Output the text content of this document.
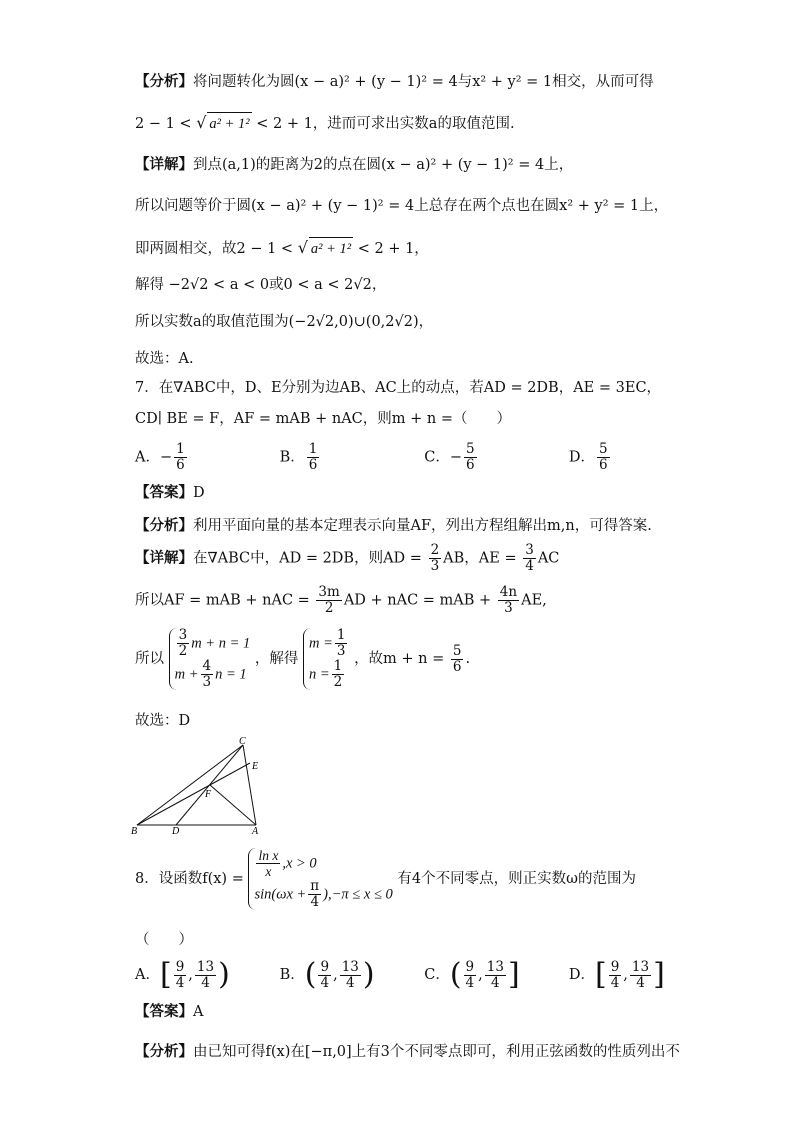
【分析】将问题转化为圆(x − a)² + (y − 1)² = 4与x² + y² = 1相交，从而可得
2 − 1 < √ a² + 1² < 2 + 1，进而可求出实数a的取值范围.
【详解】到点(a,1)的距离为2的点在圆(x − a)² + (y − 1)² = 4上，
所以问题等价于圆(x − a)² + (y − 1)² = 4上总存在两个点也在圆x² + y² = 1上，
即两圆相交，故2 − 1 < √ a² + 1² < 2 + 1，
解得 −2√2 < a < 0或0 < a < 2√2，
所以实数a的取值范围为(−2√2,0)∪(0,2√2)，
故选：A.
7．在∇ABC中，D、E分别为边AB、AC上的动点，若AD = 2DB，AE = 3EC，
CD∣ BE = F，AF = mAB + nAC，则m + n =（　　）
A．− $\frac{1}{6}$	B． $\frac{1}{6}$	C．− $\frac{5}{6}$	D． $\frac{5}{6}$
【答案】D
【分析】利用平面向量的基本定理表示向量AF，列出方程组解出m,n，可得答案.
【详解】在∇ABC中，AD = 2DB，则AD = $\frac{2}{3}$ AB，AE = $\frac{3}{4}$ AC
所以AF = mAB + nAC = $\frac{3m}{2}$ AD + nAC = mAB + $\frac{4n}{3}$ AE,
所以 $\frac{3}{2}$ m + n = 1
$m + \frac{4}{3}$ n = 1
，解得
$m = \frac{1}{3}$
$n = \frac{1}{2}$ ，故$m + n = \frac{5}{6}$ .
故选：D
B	D	A
C
E
F
8．设函数$f(x) = \frac{\text{ln x}}{x} ,x > 0$
$\sin(\omega x + \frac{\pi}{4} ),-\pi \le x \le 0$
有4个不同零点，则正实数ω的范围为
（　　）
A．[ $\frac{9}{4}$ , $\frac{13}{4}$ )	B．( $\frac{9}{4}$ , $\frac{13}{4}$ )	C．( $\frac{9}{4}$ , $\frac{13}{4}$ ]	D．[ $\frac{9}{4}$ , $\frac{13}{4}$ ]
【答案】A
【分析】由已知可得f(x)在[−π,0]上有3个不同零点即可，利用正弦函数的性质列出不
